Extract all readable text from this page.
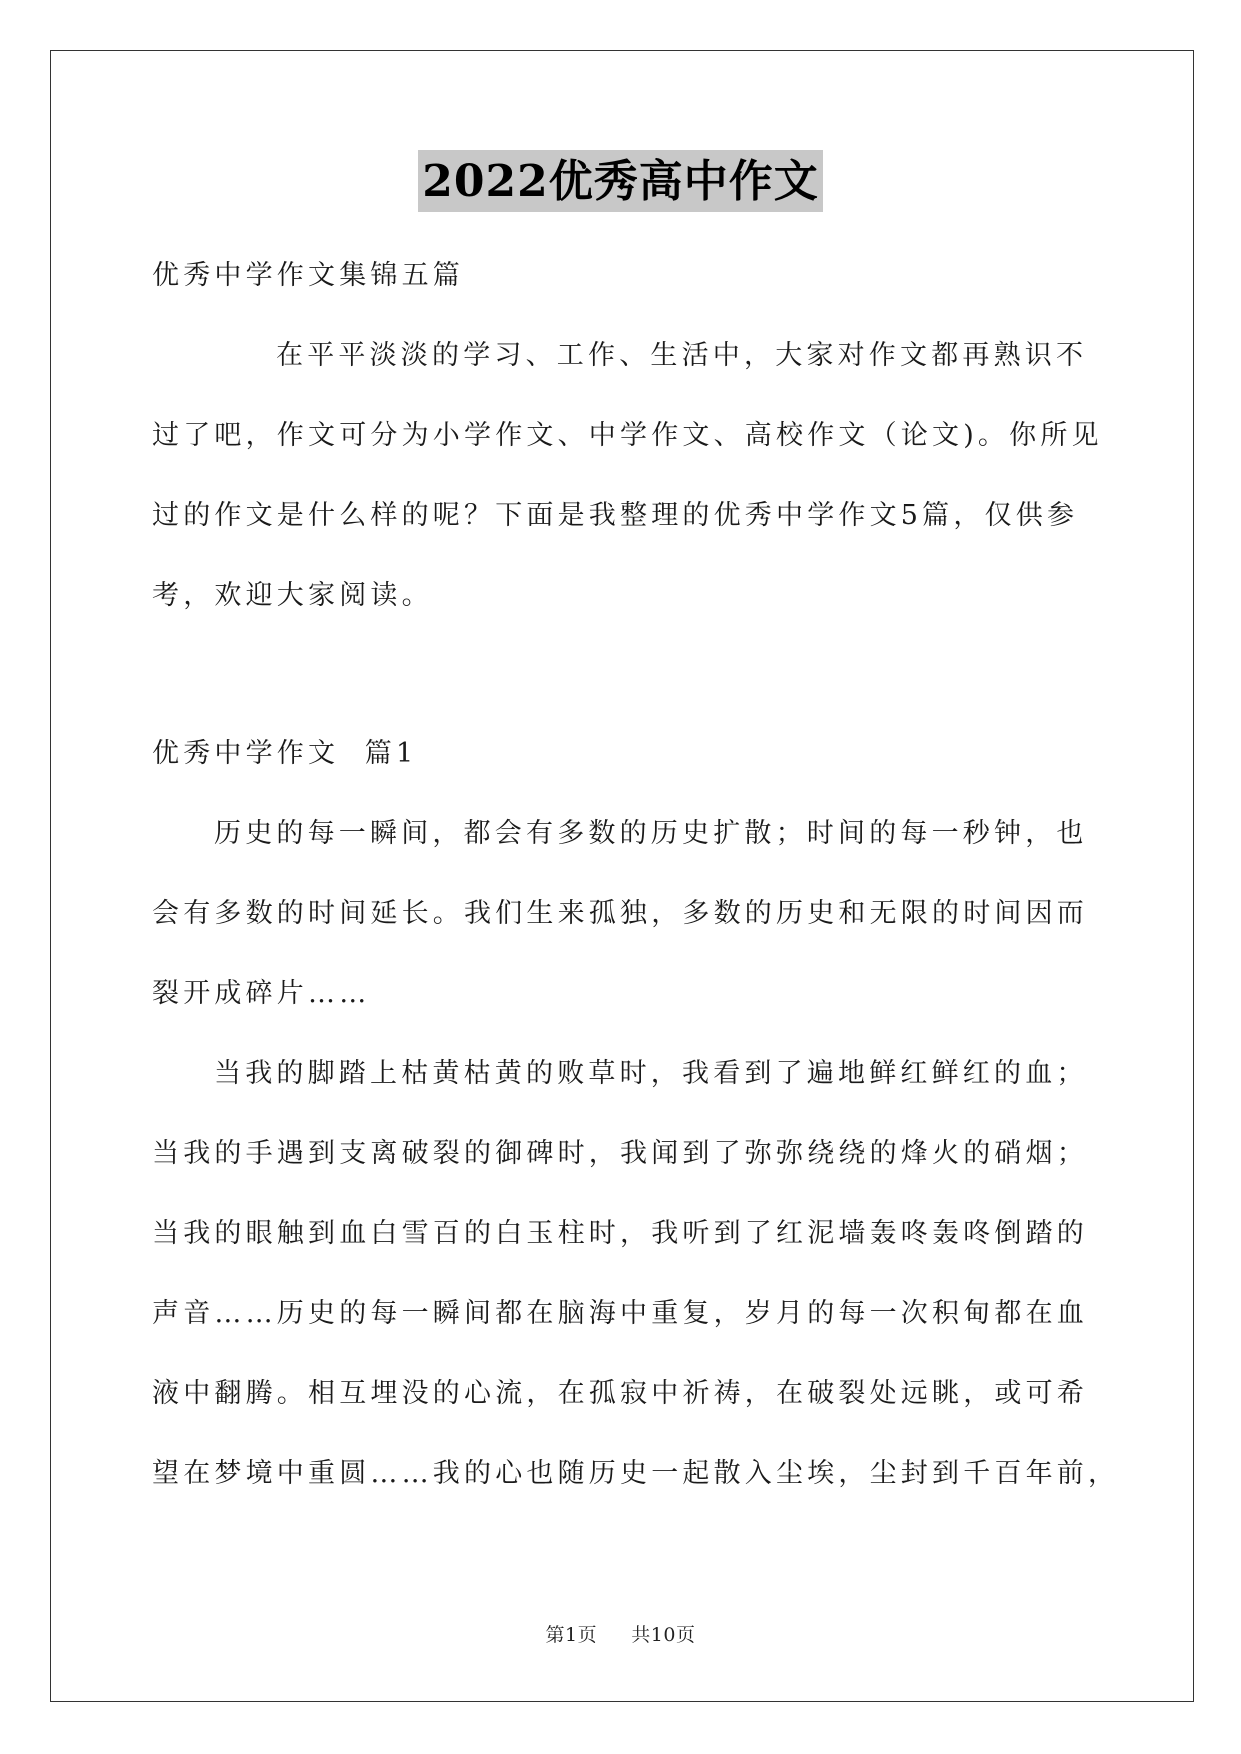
2022优秀高中作文
优秀中学作文集锦五篇
在平平淡淡的学习、工作、生活中，大家对作文都再熟识不
过了吧，作文可分为小学作文、中学作文、高校作文（论文)。你所见
过的作文是什么样的呢？下面是我整理的优秀中学作文5篇，仅供参
考，欢迎大家阅读。
优秀中学作文  篇1
历史的每一瞬间，都会有多数的历史扩散；时间的每一秒钟，也
会有多数的时间延长。我们生来孤独，多数的历史和无限的时间因而
裂开成碎片……
当我的脚踏上枯黄枯黄的败草时，我看到了遍地鲜红鲜红的血；
当我的手遇到支离破裂的御碑时，我闻到了弥弥绕绕的烽火的硝烟；
当我的眼触到血白雪百的白玉柱时，我听到了红泥墙轰咚轰咚倒踏的
声音……历史的每一瞬间都在脑海中重复，岁月的每一次积甸都在血
液中翻腾。相互埋没的心流，在孤寂中祈祷，在破裂处远眺，或可希
望在梦境中重圆……我的心也随历史一起散入尘埃，尘封到千百年前，
第1页 共10页
